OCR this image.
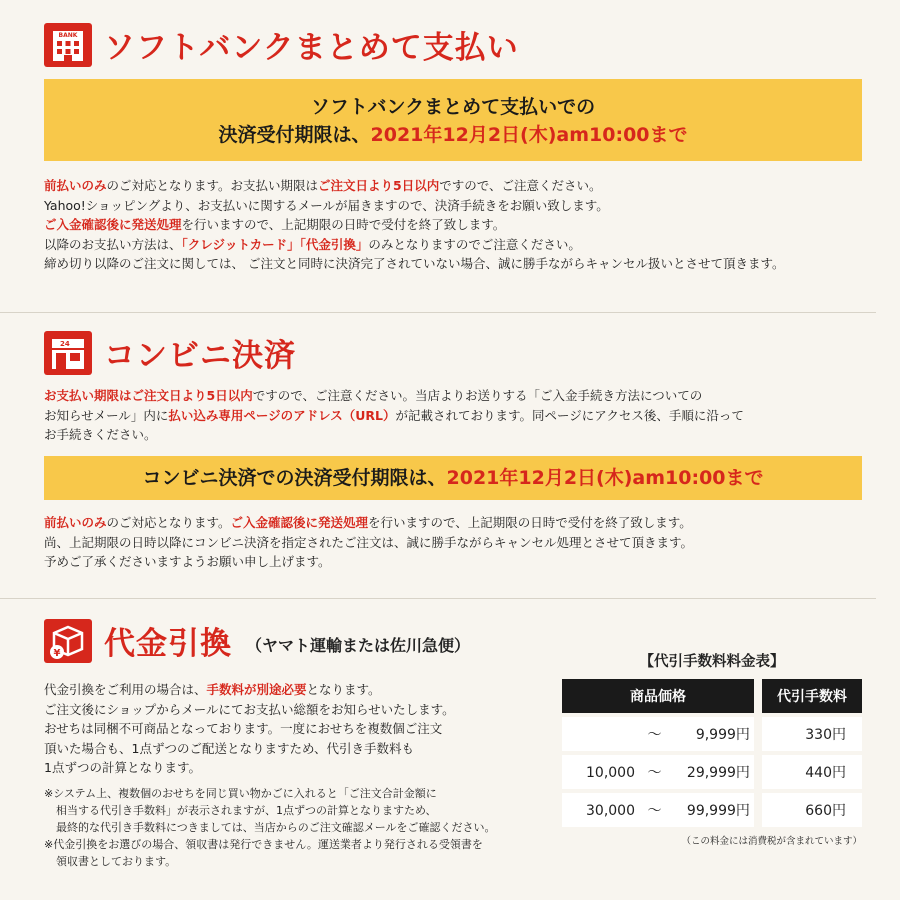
BANK ソフトバンクまとめて支払い
ソフトバンクまとめて支払いでの
決済受付期限は、2021年12月2日(木)am10:00まで

前払いのみのご対応となります。お支払い期限はご注文日より5日以内ですので、ご注意ください。

Yahoo!ショッピングより、お支払いに関するメールが届きますので、決済手続きをお願い致します。

ご入金確認後に発送処理を行いますので、上記期限の日時で受付を終了致します。

以降のお支払い方法は、「クレジットカード」「代金引換」のみとなりますのでご注意ください。

締め切り以降のご注文に関しては、 ご注文と同時に決済完了されていない場合、誠に勝手ながらキャンセル扱いとさせて頂きます。

24 コンビニ決済

お支払い期限はご注文日より5日以内ですので、ご注意ください。当店よりお送りする「ご入金手続き方法についての

お知らせメール」内に払い込み専用ページのアドレス（URL）が記載されております。同ページにアクセス後、手順に沿って

お手続きください。

コンビニ決済での決済受付期限は、2021年12月2日(木)am10:00まで

前払いのみのご対応となります。ご入金確認後に発送処理を行いますので、上記期限の日時で受付を終了致します。

尚、上記期限の日時以降にコンビニ決済を指定されたご注文は、誠に勝手ながらキャンセル処理とさせて頂きます。

予めご了承くださいますようお願い申し上げます。

¥ 代金引換 （ヤマト運輸または佐川急便）

代金引換をご利用の場合は、手数料が別途必要となります。

ご注文後にショップからメールにてお支払い総額をお知らせいたします。

おせちは同梱不可商品となっております。一度におせちを複数個ご注文

頂いた場合も、1点ずつのご配送となりますため、代引き手数料も

1点ずつの計算となります。

※システム上、複数個のおせちを同じ買い物かごに入れると「ご注文合計金額に

相当する代引き手数料」が表示されますが、1点ずつの計算となりますため、

最終的な代引き手数料につきましては、当店からのご注文確認メールをご確認ください。

※代金引換をお選びの場合、領収書は発行できません。運送業者より発行される受領書を

領収書としております。

【代引手数料料金表】
商品価格		代引手数料
〜 9,999円		330円
10,000 〜 29,999円		440円
30,000 〜 99,999円		660円
（この料金には消費税が含まれています）
